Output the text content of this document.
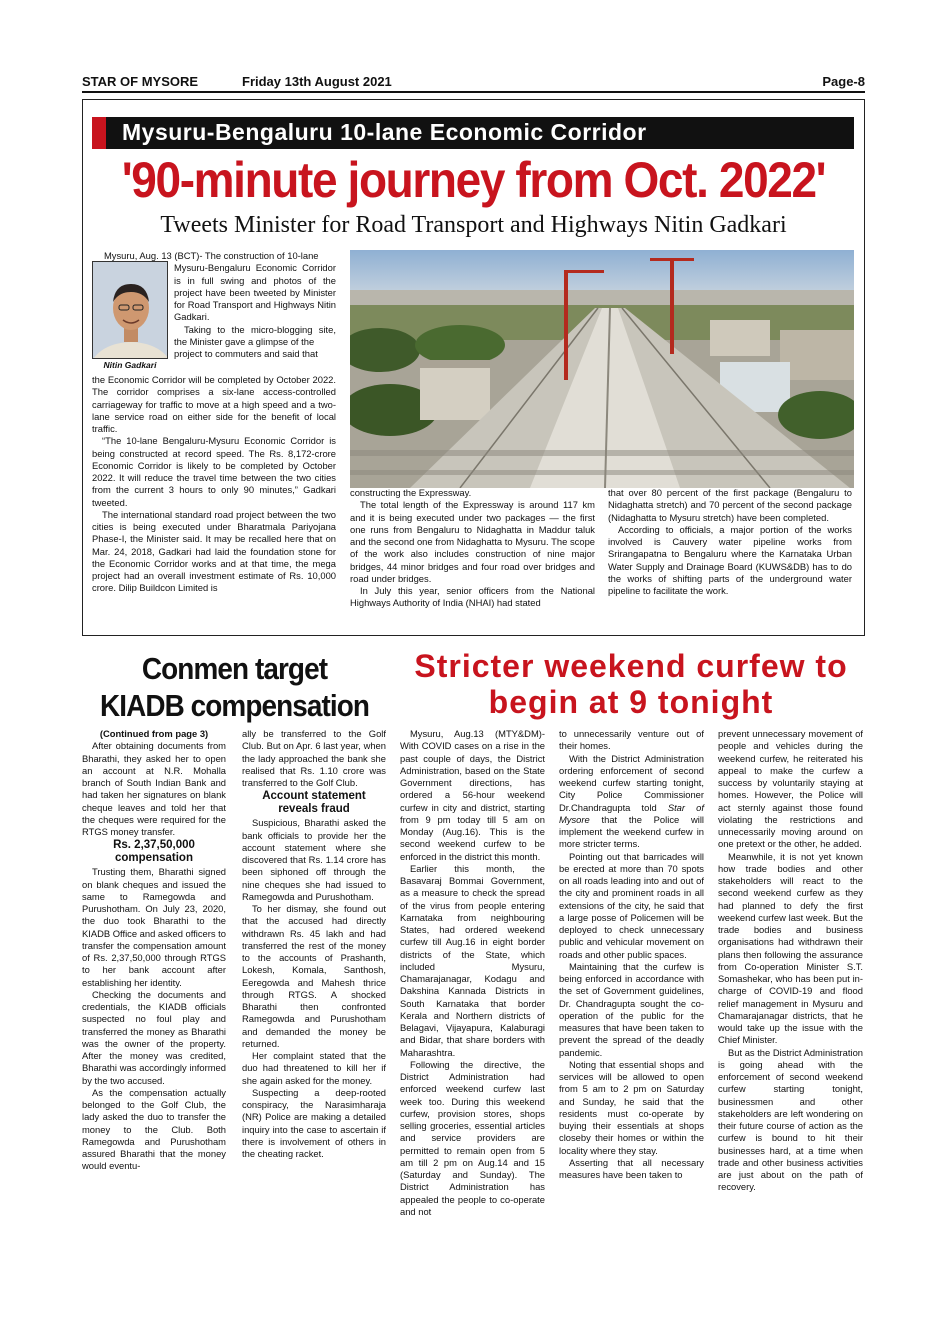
STAR OF MYSORE	Friday 13th August 2021	Page-8
Mysuru-Bengaluru 10-lane Economic Corridor
'90-minute journey from Oct. 2022'
Tweets Minister for Road Transport and Highways Nitin Gadkari
Nitin Gadkari

Mysuru, Aug. 13 (BCT)- The construction of 10-lane

Mysuru-Bengaluru Economic Corridor is in full swing and photos of the project have been tweeted by Minister for Road Transport and Highways Nitin Gadkari.

Taking to the micro-blogging site, the Minister gave a glimpse of the

project to commuters and said that

the Economic Corridor will be completed by October 2022. The corridor comprises a six-lane access-controlled carriageway for traffic to move at a high speed and a two-lane service road on either side for the benefit of local traffic.

“The 10-lane Bengaluru-Mysuru Economic Corridor is being constructed at record speed. The Rs. 8,172-crore Economic Corridor is likely to be completed by October 2022. It will reduce the travel time between the two cities from the current 3 hours to only 90 minutes,” Gadkari tweeted.

The international standard road project between the two cities is being executed under Bharatmala Pariyojana Phase-I, the Minister said. It may be recalled here that on Mar. 24, 2018, Gadkari had laid the foundation stone for the Economic Corridor works and at that time, the mega project had an overall investment estimate of Rs. 10,000 crore. Dilip Buildcon Limited is

constructing the Expressway.

The total length of the Expressway is around 117 km and it is being executed under two packages — the first one runs from Bengaluru to Nidaghatta in Maddur taluk and the second one from Nidaghatta to Mysuru. The scope of the work also includes construction of nine major bridges, 44 minor bridges and four road over bridges and road under bridges.

In July this year, senior officers from the National Highways Authority of India (NHAI) had stated

that over 80 percent of the first package (Bengaluru to Nidaghatta stretch) and 70 percent of the second package (Nidaghatta to Mysuru stretch) have been completed.

According to officials, a major portion of the works involved is Cauvery water pipeline works from Srirangapatna to Bengaluru where the Karnataka Urban Water Supply and Drainage Board (KUWS&DB) has to do the works of shifting parts of the underground water pipeline to facilitate the work.

Conmen target KIADB compensation

(Continued from page 3)

After obtaining documents from Bharathi, they asked her to open an account at N.R. Mohalla branch of South Indian Bank and had taken her signatures on blank cheque leaves and told her that the cheques were required for the RTGS money transfer.

Rs. 2,37,50,000 compensation

Trusting them, Bharathi signed on blank cheques and issued the same to Ramegowda and Purushotham. On July 23, 2020, the duo took Bharathi to the KIADB Office and asked officers to transfer the compensation amount of Rs. 2,37,50,000 through RTGS to her bank account after establishing her identity.

Checking the documents and credentials, the KIADB officials suspected no foul play and transferred the money as Bharathi was the owner of the property. After the money was credited, Bharathi was accordingly informed by the two accused.

As the compensation actually belonged to the Golf Club, the lady asked the duo to transfer the money to the Club. Both Ramegowda and Purushotham assured Bharathi that the money would eventu-

ally be transferred to the Golf Club. But on Apr. 6 last year, when the lady approached the bank she realised that Rs. 1.10 crore was transferred to the Golf Club.

Account statement reveals fraud

Suspicious, Bharathi asked the bank officials to provide her the account statement where she discovered that Rs. 1.14 crore has been siphoned off through the nine cheques she had issued to Ramegowda and Purushotham.

To her dismay, she found out that the accused had directly withdrawn Rs. 45 lakh and had transferred the rest of the money to the accounts of Prashanth, Lokesh, Komala, Santhosh, Eeregowda and Mahesh thrice through RTGS. A shocked Bharathi then confronted Ramegowda and Purushotham and demanded the money be returned.

Her complaint stated that the duo had threatened to kill her if she again asked for the money.

Suspecting a deep-rooted conspiracy, the Narasimharaja (NR) Police are making a detailed inquiry into the case to ascertain if there is involvement of others in the cheating racket.

Stricter weekend curfew to begin at 9 tonight

Mysuru, Aug.13 (MTY&DM)- With COVID cases on a rise in the past couple of days, the District Administration, based on the State Government directions, has ordered a 56-hour weekend curfew in city and district, starting from 9 pm today till 5 am on Monday (Aug.16). This is the second weekend curfew to be enforced in the district this month.

Earlier this month, the Basavaraj Bommai Government, as a measure to check the spread of the virus from people entering Karnataka from neighbouring States, had ordered weekend curfew till Aug.16 in eight border districts of the State, which included Mysuru, Chamarajanagar, Kodagu and Dakshina Kannada Districts in South Karnataka that border Kerala and Northern districts of Belagavi, Vijayapura, Kalaburagi and Bidar, that share borders with Maharashtra.

Following the directive, the District Administration had enforced weekend curfew last week too. During this weekend curfew, provision stores, shops selling groceries, essential articles and service providers are permitted to remain open from 5 am till 2 pm on Aug.14 and 15 (Saturday and Sunday). The District Administration has appealed the people to co-operate and not

to unnecessarily venture out of their homes.

With the District Administration ordering enforcement of second weekend curfew starting tonight, City Police Commissioner Dr.Chandragupta told Star of Mysore that the Police will implement the weekend curfew in more stricter terms.

Pointing out that barricades will be erected at more than 70 spots on all roads leading into and out of the city and prominent roads in all extensions of the city, he said that a large posse of Policemen will be deployed to check unnecessary public and vehicular movement on roads and other public spaces.

Maintaining that the curfew is being enforced in accordance with the set of Government guidelines, Dr. Chandragupta sought the co-operation of the public for the measures that have been taken to prevent the spread of the deadly pandemic.

Noting that essential shops and services will be allowed to open from 5 am to 2 pm on Saturday and Sunday, he said that the residents must co-operate by buying their essentials at shops closeby their homes or within the locality where they stay.

Asserting that all necessary measures have been taken to

prevent unnecessary movement of people and vehicles during the weekend curfew, he reiterated his appeal to make the curfew a success by voluntarily staying at homes. However, the Police will act sternly against those found violating the restrictions and unnecessarily moving around on one pretext or the other, he added.

Meanwhile, it is not yet known how trade bodies and other stakeholders will react to the second weekend curfew as they had planned to defy the first weekend curfew last week. But the trade bodies and business organisations had withdrawn their plans then following the assurance from Co-operation Minister S.T. Somashekar, who has been put in-charge of COVID-19 and flood relief management in Mysuru and Chamarajanagar districts, that he would take up the issue with the Chief Minister.

But as the District Administration is going ahead with the enforcement of second weekend curfew starting tonight, businessmen and other stakeholders are left wondering on their future course of action as the curfew is bound to hit their businesses hard, at a time when trade and other business activities are just about on the path of recovery.
